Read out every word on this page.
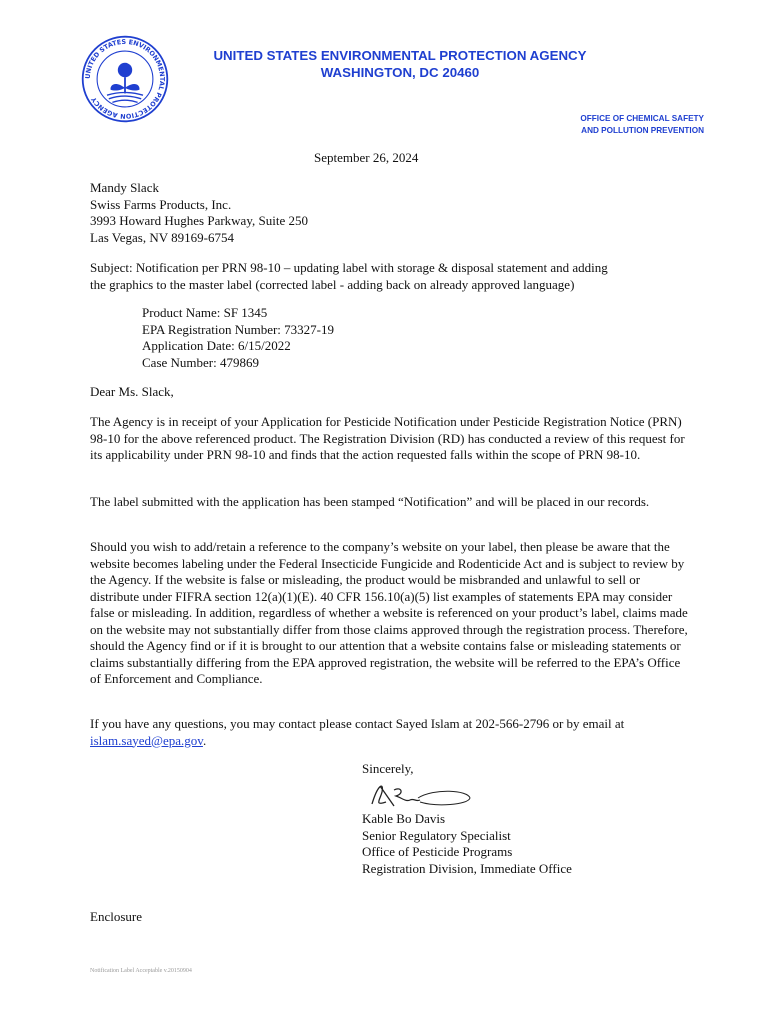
UNITED STATES ENVIRONMENTAL PROTECTION AGENCY
UNITED STATES ENVIRONMENTAL PROTECTION AGENCY
WASHINGTON, DC 20460
OFFICE OF CHEMICAL SAFETY
AND POLLUTION PREVENTION
September 26, 2024
Mandy Slack
Swiss Farms Products, Inc.
3993 Howard Hughes Parkway, Suite 250
Las Vegas, NV 89169-6754
Subject: Notification per PRN 98-10 – updating label with storage & disposal statement and adding
the graphics to the master label (corrected label - adding back on already approved language)
Product Name: SF 1345
EPA Registration Number: 73327-19
Application Date: 6/15/2022
Case Number: 479869
Dear Ms. Slack,

The Agency is in receipt of your Application for Pesticide Notification under Pesticide Registration Notice (PRN) 98-10 for the above referenced product. The Registration Division (RD) has conducted a review of this request for its applicability under PRN 98-10 and finds that the action requested falls within the scope of PRN 98-10.

The label submitted with the application has been stamped “Notification” and will be placed in our records.

Should you wish to add/retain a reference to the company’s website on your label, then please be aware that the website becomes labeling under the Federal Insecticide Fungicide and Rodenticide Act and is subject to review by the Agency. If the website is false or misleading, the product would be misbranded and unlawful to sell or distribute under FIFRA section 12(a)(1)(E). 40 CFR 156.10(a)(5) list examples of statements EPA may consider false or misleading. In addition, regardless of whether a website is referenced on your product’s label, claims made on the website may not substantially differ from those claims approved through the registration process. Therefore, should the Agency find or if it is brought to our attention that a website contains false or misleading statements or claims substantially differing from the EPA approved registration, the website will be referred to the EPA’s Office of Enforcement and Compliance.

If you have any questions, you may contact please contact Sayed Islam at 202-566-2796 or by email at islam.sayed@epa.gov.

Sincerely,
Kable Bo Davis
Senior Regulatory Specialist
Office of Pesticide Programs
Registration Division, Immediate Office
Enclosure
Notification Label Acceptable v.20150904
